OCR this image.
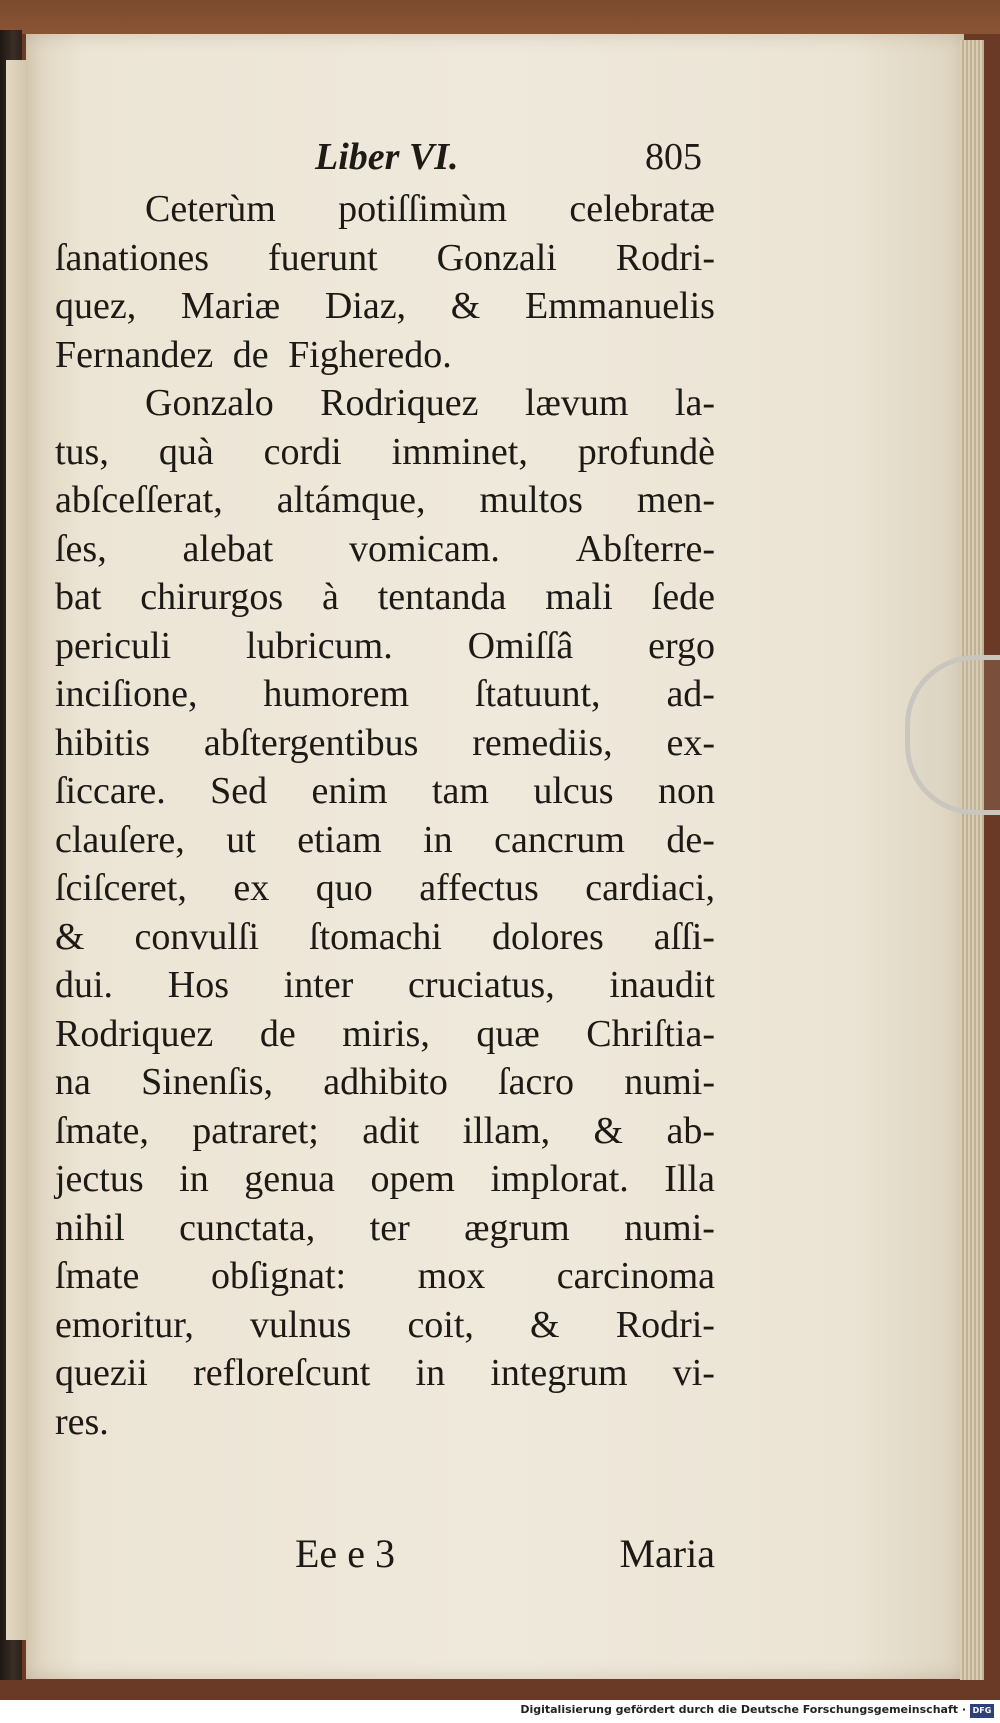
Liber VI.	805
Ceterùm potiſſimùm celebratæ
ſanationes fuerunt Gonzali Rodri-
quez, Mariæ Diaz, & Emmanuelis
Fernandez de Figheredo.
Gonzalo Rodriquez lævum la-
tus, quà cordi imminet, profundè
abſceſſerat, altámque, multos men-
ſes, alebat vomicam. Abſterre-
bat chirurgos à tentanda mali ſede
periculi lubricum. Omiſſâ ergo
inciſione, humorem ſtatuunt, ad-
hibitis abſtergentibus remediis, ex-
ſiccare. Sed enim tam ulcus non
clauſere, ut etiam in cancrum de-
ſciſceret, ex quo affectus cardiaci,
& convulſi ſtomachi dolores aſſi-
dui. Hos inter cruciatus, inaudit
Rodriquez de miris, quæ Chriſtia-
na Sinenſis, adhibito ſacro numi-
ſmate, patraret; adit illam, & ab-
jectus in genua opem implorat. Illa
nihil cunctata, ter ægrum numi-
ſmate obſignat: mox carcinoma
emoritur, vulnus coit, & Rodri-
quezii refloreſcunt in integrum vi-
res.
Ee e 3	Maria
Digitalisierung gefördert durch die Deutsche Forschungsgemeinschaft · DFG
